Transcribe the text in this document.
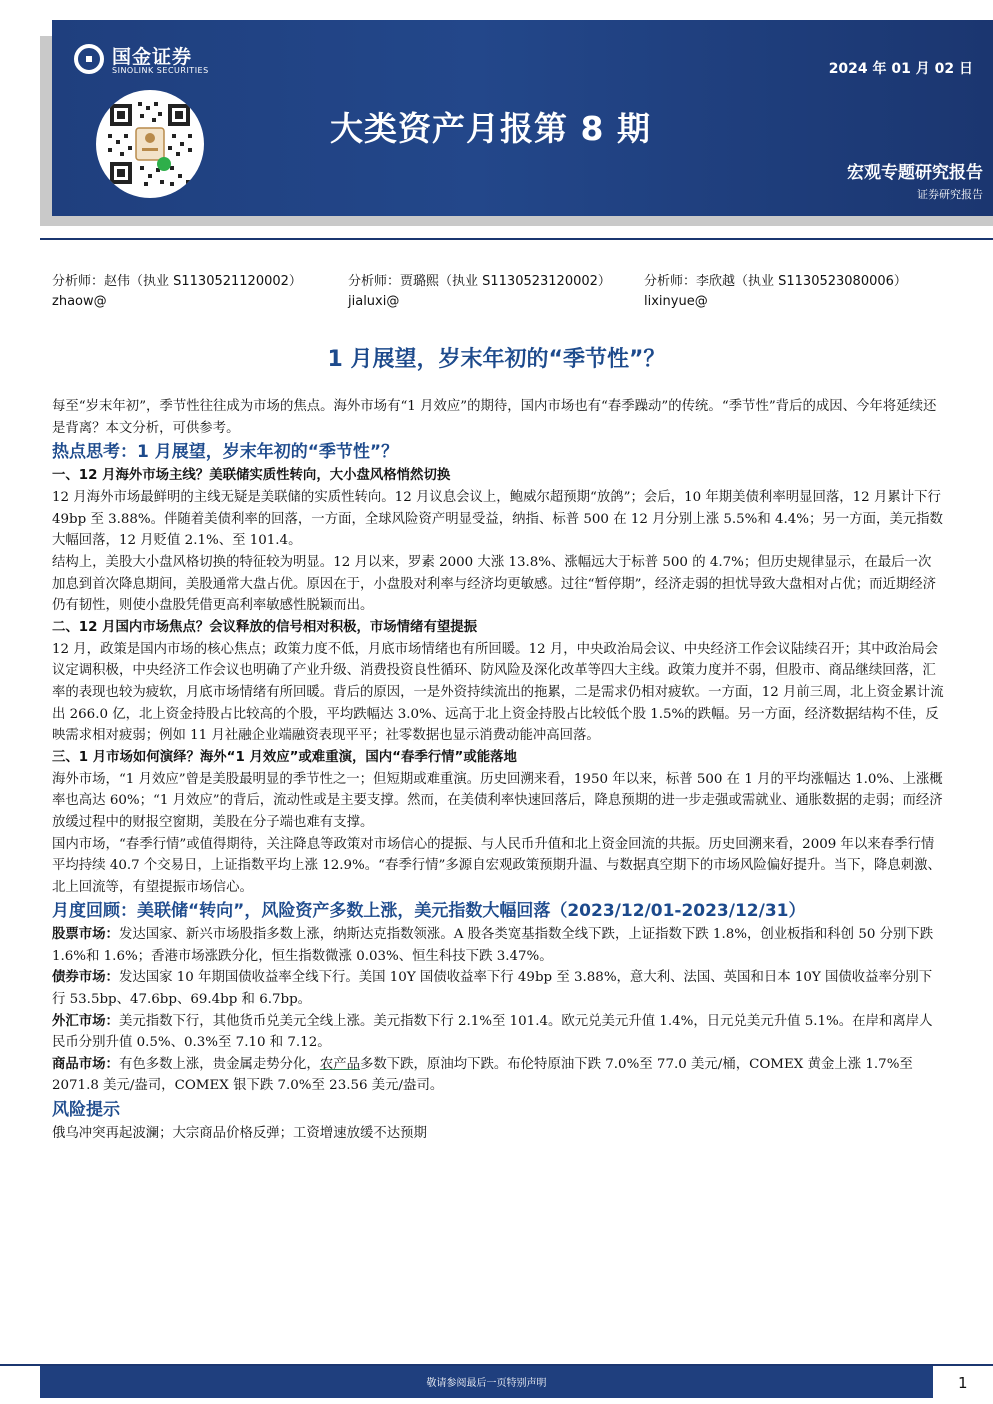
国金证券
SINOLINK SECURITIES	2024 年 01 月 02 日
大类资产月报第 8 期
宏观专题研究报告
证券研究报告
分析师：赵伟（执业 S1130521120002）
zhaow@
分析师：贾璐熙（执业 S1130523120002）
jialuxi@
分析师：李欣越（执业 S1130523080006）
lixinyue@
1 月展望，岁末年初的“季节性”？

每至“岁末年初”，季节性往往成为市场的焦点。海外市场有“1 月效应”的期待，国内市场也有“春季躁动”的传统。“季节性”背后的成因、今年将延续还是背离？本文分析，可供参考。

热点思考：1 月展望，岁末年初的“季节性”？

一、12 月海外市场主线？美联储实质性转向，大小盘风格悄然切换

12 月海外市场最鲜明的主线无疑是美联储的实质性转向。12 月议息会议上，鲍威尔超预期“放鸽”；会后，10 年期美债利率明显回落，12 月累计下行 49bp 至 3.88%。伴随着美债利率的回落，一方面，全球风险资产明显受益，纳指、标普 500 在 12 月分别上涨 5.5%和 4.4%；另一方面，美元指数大幅回落，12 月贬值 2.1%、至 101.4。

结构上，美股大小盘风格切换的特征较为明显。12 月以来，罗素 2000 大涨 13.8%、涨幅远大于标普 500 的 4.7%；但历史规律显示，在最后一次加息到首次降息期间，美股通常大盘占优。原因在于，小盘股对利率与经济均更敏感。过往“暂停期”，经济走弱的担忧导致大盘相对占优；而近期经济仍有韧性，则使小盘股凭借更高利率敏感性脱颖而出。

二、12 月国内市场焦点？会议释放的信号相对积极，市场情绪有望提振

12 月，政策是国内市场的核心焦点；政策力度不低，月底市场情绪也有所回暖。12 月，中央政治局会议、中央经济工作会议陆续召开；其中政治局会议定调积极，中央经济工作会议也明确了产业升级、消费投资良性循环、防风险及深化改革等四大主线。政策力度并不弱，但股市、商品继续回落，汇率的表现也较为疲软，月底市场情绪有所回暖。背后的原因，一是外资持续流出的拖累，二是需求仍相对疲软。一方面，12 月前三周，北上资金累计流出 266.0 亿，北上资金持股占比较高的个股，平均跌幅达 3.0%、远高于北上资金持股占比较低个股 1.5%的跌幅。另一方面，经济数据结构不佳，反映需求相对疲弱；例如 11 月社融企业端融资表现平平；社零数据也显示消费动能冲高回落。

三、1 月市场如何演绎？海外“1 月效应”或难重演，国内“春季行情”或能落地

海外市场，“1 月效应”曾是美股最明显的季节性之一；但短期或难重演。历史回溯来看，1950 年以来，标普 500 在 1 月的平均涨幅达 1.0%、上涨概率也高达 60%；“1 月效应”的背后，流动性或是主要支撑。然而，在美债利率快速回落后，降息预期的进一步走强或需就业、通胀数据的走弱；而经济放缓过程中的财报空窗期，美股在分子端也难有支撑。

国内市场，“春季行情”或值得期待，关注降息等政策对市场信心的提振、与人民币升值和北上资金回流的共振。历史回溯来看，2009 年以来春季行情平均持续 40.7 个交易日，上证指数平均上涨 12.9%。“春季行情”多源自宏观政策预期升温、与数据真空期下的市场风险偏好提升。当下，降息刺激、北上回流等，有望提振市场信心。

月度回顾：美联储“转向”，风险资产多数上涨，美元指数大幅回落（2023/12/01-2023/12/31）

股票市场：发达国家、新兴市场股指多数上涨，纳斯达克指数领涨。A 股各类宽基指数全线下跌，上证指数下跌 1.8%，创业板指和科创 50 分别下跌 1.6%和 1.6%；香港市场涨跌分化，恒生指数微涨 0.03%、恒生科技下跌 3.47%。

债券市场：发达国家 10 年期国债收益率全线下行。美国 10Y 国债收益率下行 49bp 至 3.88%，意大利、法国、英国和日本 10Y 国债收益率分别下行 53.5bp、47.6bp、69.4bp 和 6.7bp。

外汇市场：美元指数下行，其他货币兑美元全线上涨。美元指数下行 2.1%至 101.4。欧元兑美元升值 1.4%，日元兑美元升值 5.1%。在岸和离岸人民币分别升值 0.5%、0.3%至 7.10 和 7.12。

商品市场：有色多数上涨，贵金属走势分化，农产品多数下跌，原油均下跌。布伦特原油下跌 7.0%至 77.0 美元/桶，COMEX 黄金上涨 1.7%至 2071.8 美元/盎司，COMEX 银下跌 7.0%至 23.56 美元/盎司。

风险提示

俄乌冲突再起波澜；大宗商品价格反弹；工资增速放缓不达预期

敬请参阅最后一页特别声明	1
